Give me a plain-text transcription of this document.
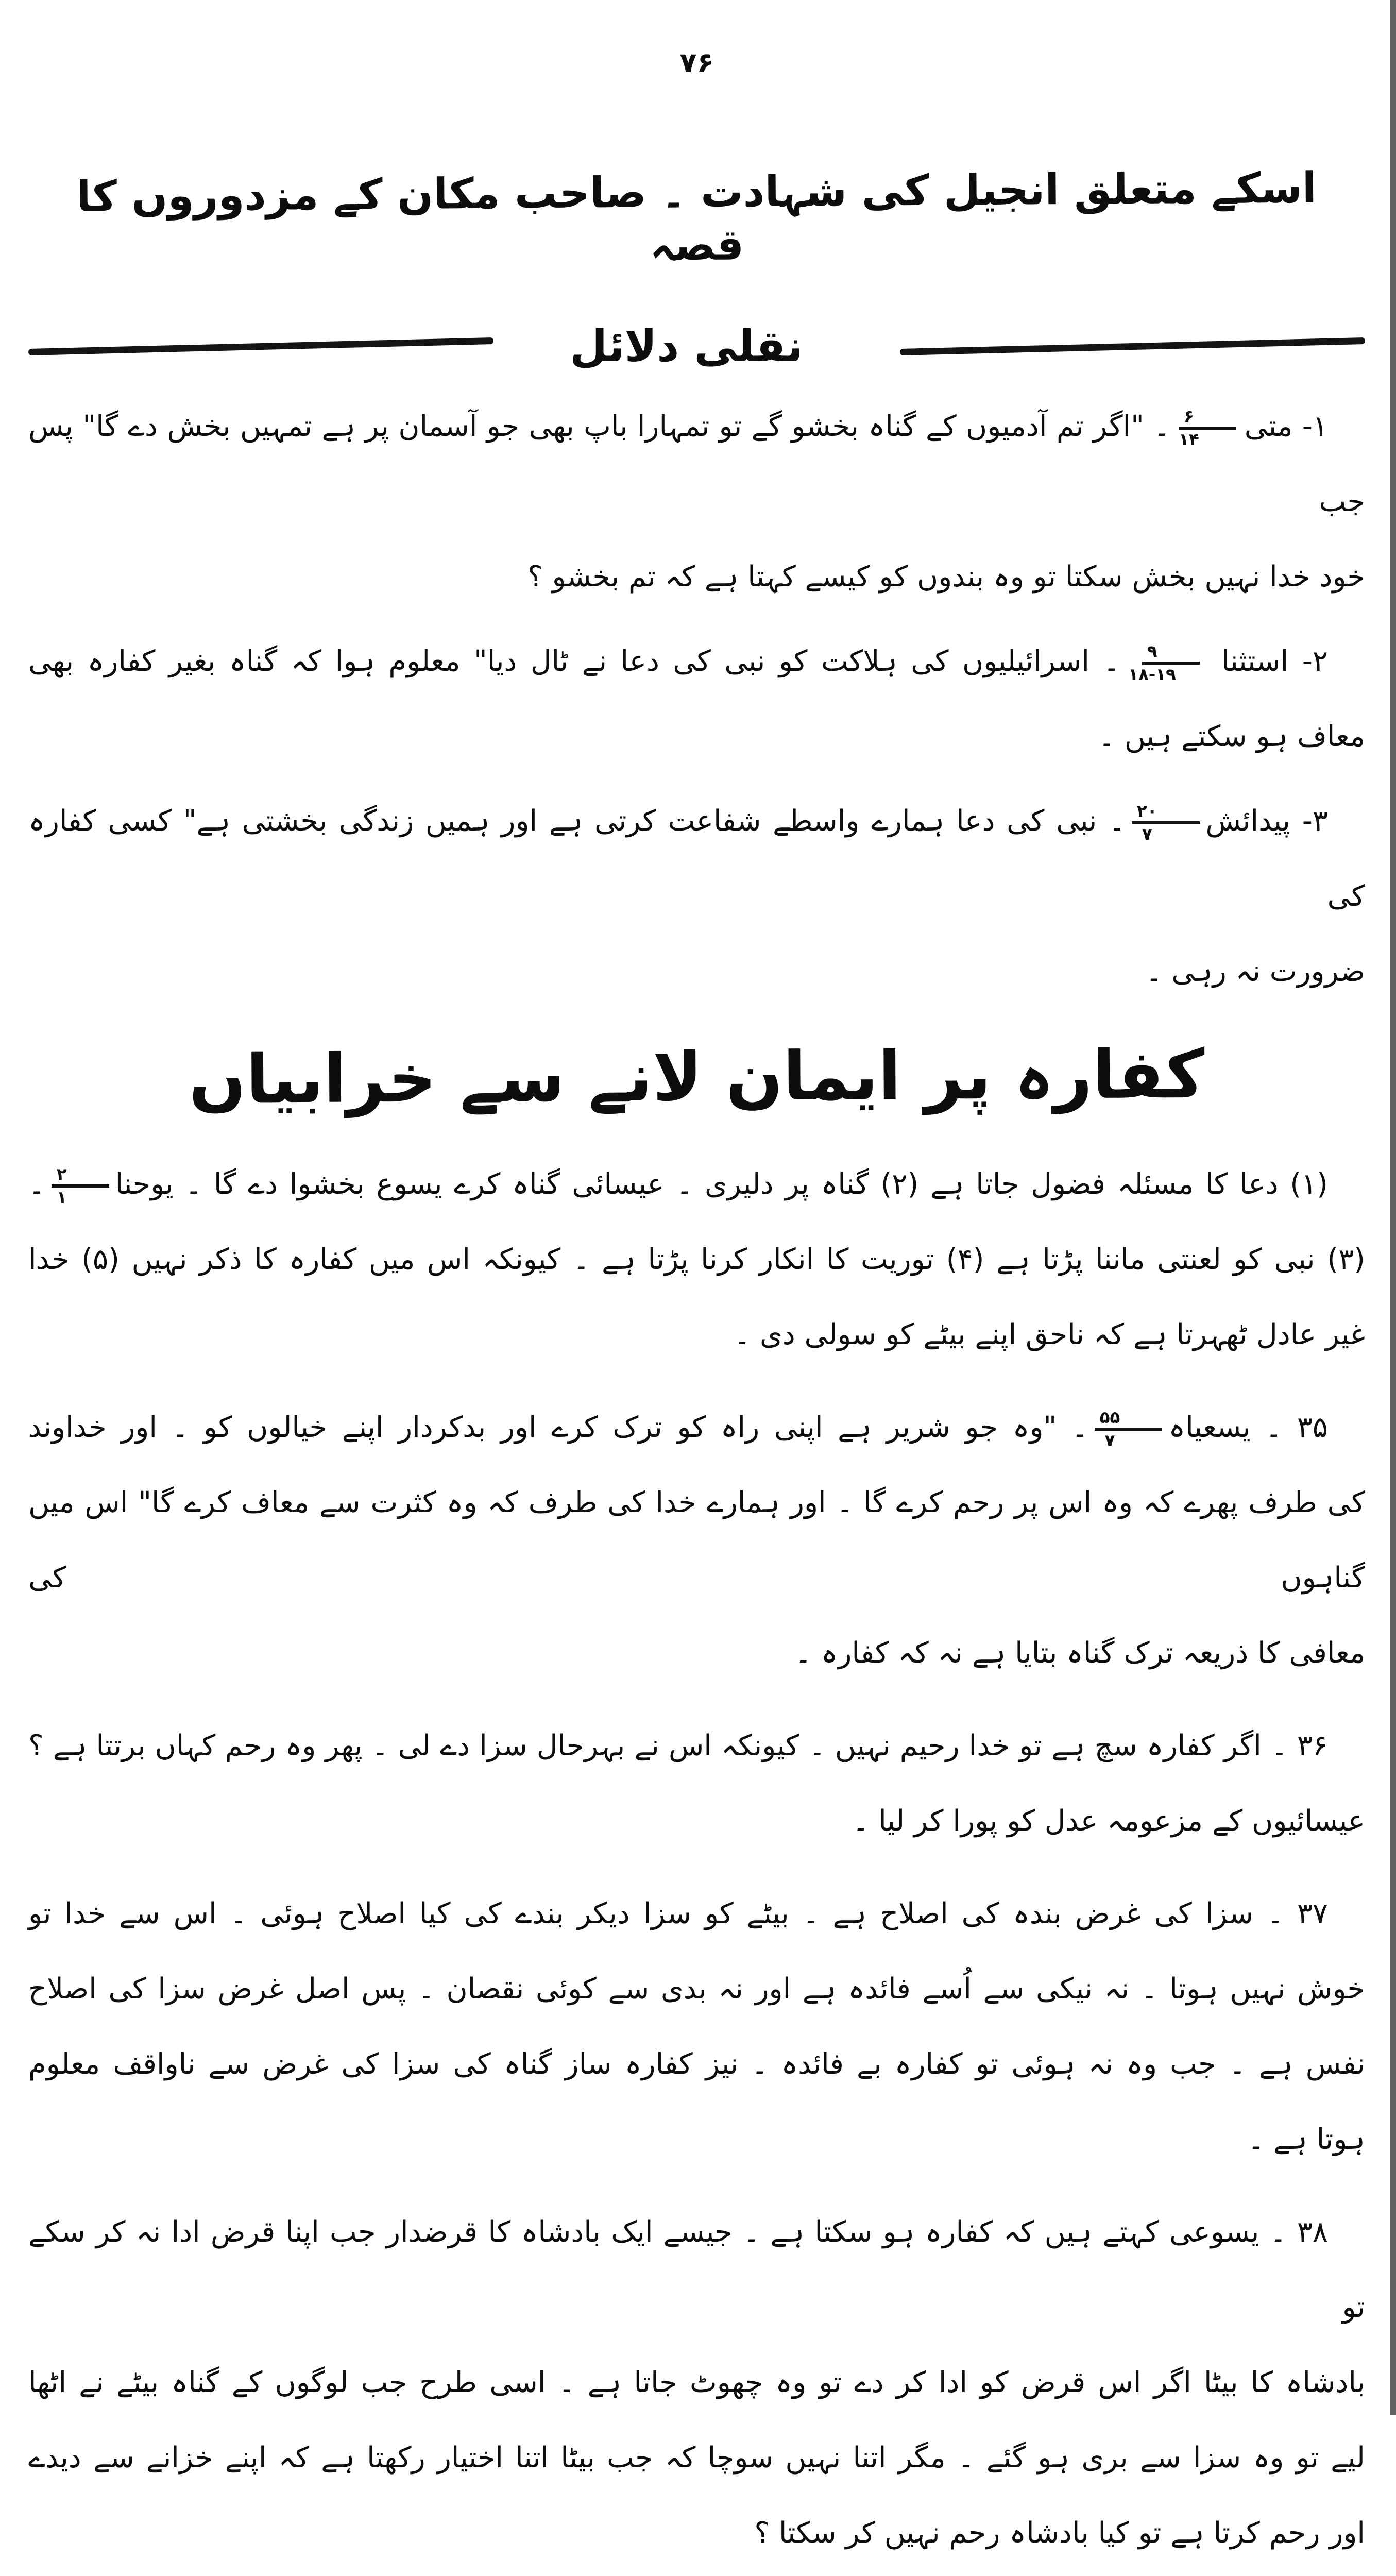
۷۶
اسکے متعلق انجیل کی شہادت ۔ صاحب مکان کے مزدوروں کا قصہ
نقلی دلائل
۱- متی
$\frac{۶}{۱۴}$
۔ "اگر تم آدمیوں کے گناہ بخشو گے تو تمہارا باپ بھی جو آسمان پر ہے تمہیں بخش دے گا" پس جب
خود خدا نہیں بخش سکتا تو وہ بندوں کو کیسے کہتا ہے کہ تم بخشو ؟
۲- استثنا
$\frac{۹}{۱۸-۱۹}$
۔ اسرائیلیوں کی ہلاکت کو نبی کی دعا نے ٹال دیا" معلوم ہوا کہ گناہ بغیر کفارہ بھی
معاف ہو سکتے ہیں ۔
۳- پیدائش
$\frac{۲۰}{۷}$
۔ نبی کی دعا ہمارے واسطے شفاعت کرتی ہے اور ہمیں زندگی بخشتی ہے" کسی کفارہ کی
ضرورت نہ رہی ۔
کفارہ پر ایمان لانے سے خرابیاں
(۱) دعا کا مسئلہ فضول جاتا ہے (۲) گناہ پر دلیری ۔ عیسائی گناہ کرے یسوع بخشوا دے گا ۔ یوحنا
$\frac{۲}{۱}$
۔
(۳) نبی کو لعنتی ماننا پڑتا ہے (۴) توریت کا انکار کرنا پڑتا ہے ۔ کیونکہ اس میں کفارہ کا ذکر نہیں (۵) خدا
غیر عادل ٹھہرتا ہے کہ ناحق اپنے بیٹے کو سولی دی ۔
۳۵ ۔ یسعیاہ
$\frac{۵۵}{۷}$
۔ "وہ جو شریر ہے اپنی راہ کو ترک کرے اور بدکردار اپنے خیالوں کو ۔ اور خداوند
کی طرف پھرے کہ وہ اس پر رحم کرے گا ۔ اور ہمارے خدا کی طرف کہ وہ کثرت سے معاف کرے گا" اس میں گناہوں کی
معافی کا ذریعہ ترک گناہ بتایا ہے نہ کہ کفارہ ۔
۳۶ ۔ اگر کفارہ سچ ہے تو خدا رحیم نہیں ۔ کیونکہ اس نے بہرحال سزا دے لی ۔ پھر وہ رحم کہاں برتتا ہے ؟
عیسائیوں کے مزعومہ عدل کو پورا کر لیا ۔
۳۷ ۔ سزا کی غرض بندہ کی اصلاح ہے ۔ بیٹے کو سزا دیکر بندے کی کیا اصلاح ہوئی ۔ اس سے خدا تو
خوش نہیں ہوتا ۔ نہ نیکی سے اُسے فائدہ ہے اور نہ بدی سے کوئی نقصان ۔ پس اصل غرض سزا کی اصلاح
نفس ہے ۔ جب وہ نہ ہوئی تو کفارہ بے فائدہ ۔ نیز کفارہ ساز گناہ کی سزا کی غرض سے ناواقف معلوم
ہوتا ہے ۔
۳۸ ۔ یسوعی کہتے ہیں کہ کفارہ ہو سکتا ہے ۔ جیسے ایک بادشاہ کا قرضدار جب اپنا قرض ادا نہ کر سکے تو
بادشاہ کا بیٹا اگر اس قرض کو ادا کر دے تو وہ چھوٹ جاتا ہے ۔ اسی طرح جب لوگوں کے گناہ بیٹے نے اٹھا
لیے تو وہ سزا سے بری ہو گئے ۔ مگر اتنا نہیں سوچا کہ جب بیٹا اتنا اختیار رکھتا ہے کہ اپنے خزانے سے دیدے
اور رحم کرتا ہے تو کیا بادشاہ رحم نہیں کر سکتا ؟
